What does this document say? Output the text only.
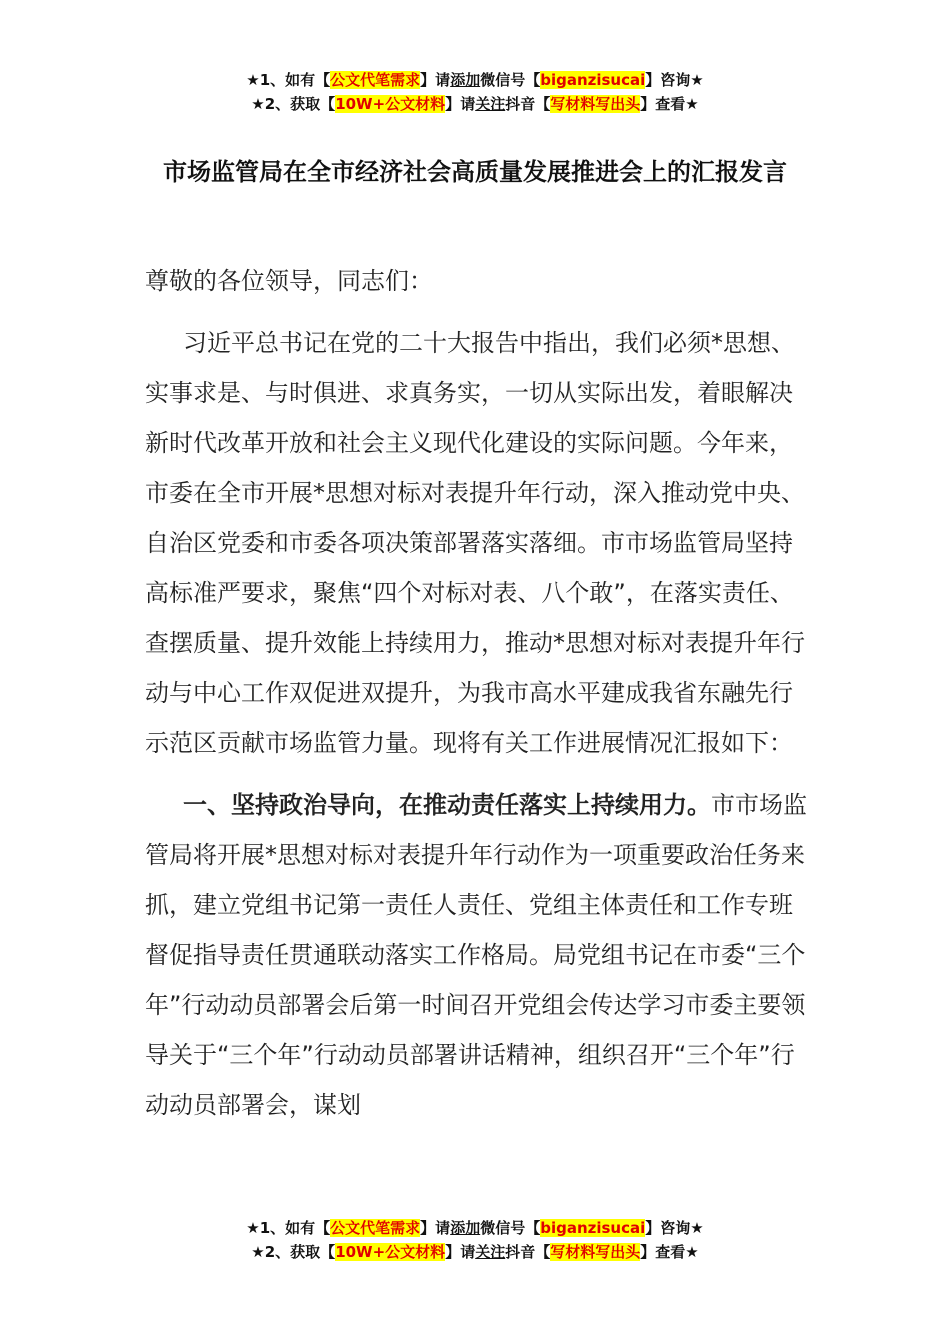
★1、如有【公文代笔需求】请添加微信号【biganzisucai】咨询★
★2、获取【10W+公文材料】请关注抖音【写材料写出头】查看★
市场监管局在全市经济社会高质量发展推进会上的汇报发言

尊敬的各位领导，同志们：

习近平总书记在党的二十大报告中指出，我们必须*思想、实事求是、与时俱进、求真务实，一切从实际出发，着眼解决新时代改革开放和社会主义现代化建设的实际问题。今年来，市委在全市开展*思想对标对表提升年行动，深入推动党中央、自治区党委和市委各项决策部署落实落细。市市场监管局坚持高标准严要求，聚焦“四个对标对表、八个敢”，在落实责任、查摆质量、提升效能上持续用力，推动*思想对标对表提升年行动与中心工作双促进双提升，为我市高水平建成我省东融先行示范区贡献市场监管力量。现将有关工作进展情况汇报如下：

一、坚持政治导向，在推动责任落实上持续用力。市市场监管局将开展*思想对标对表提升年行动作为一项重要政治任务来抓，建立党组书记第一责任人责任、党组主体责任和工作专班督促指导责任贯通联动落实工作格局。局党组书记在市委“三个年”行动动员部署会后第一时间召开党组会传达学习市委主要领导关于“三个年”行动动员部署讲话精神，组织召开“三个年”行动动员部署会，谋划

★1、如有【公文代笔需求】请添加微信号【biganzisucai】咨询★
★2、获取【10W+公文材料】请关注抖音【写材料写出头】查看★
